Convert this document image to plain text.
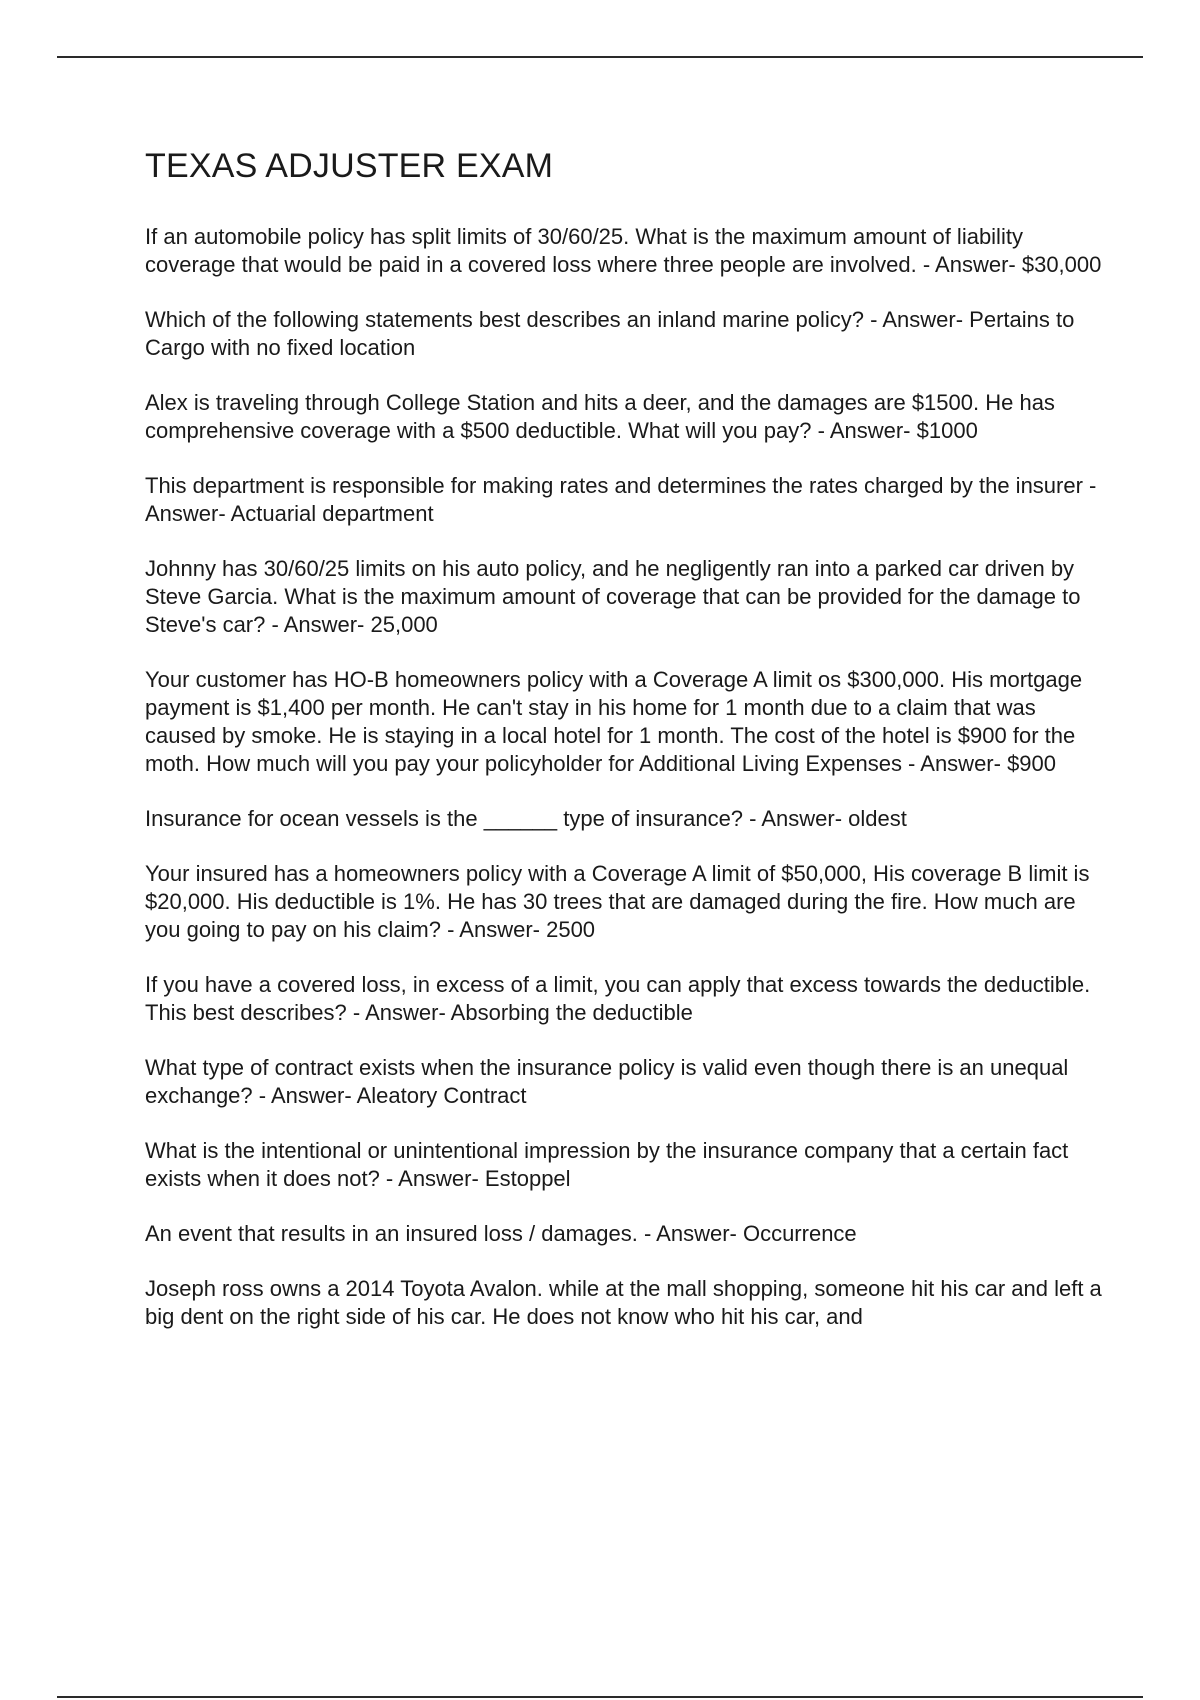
TEXAS ADJUSTER EXAM

If an automobile policy has split limits of 30/60/25. What is the maximum amount of liability coverage that would be paid in a covered loss where three people are involved. - Answer- $30,000

Which of the following statements best describes an inland marine policy? - Answer- Pertains to Cargo with no fixed location

Alex is traveling through College Station and hits a deer, and the damages are $1500. He has comprehensive coverage with a $500 deductible. What will you pay? - Answer- $1000

This department is responsible for making rates and determines the rates charged by the insurer - Answer- Actuarial department

Johnny has 30/60/25 limits on his auto policy, and he negligently ran into a parked car driven by Steve Garcia. What is the maximum amount of coverage that can be provided for the damage to Steve's car? - Answer- 25,000

Your customer has HO-B homeowners policy with a Coverage A limit os $300,000. His mortgage payment is $1,400 per month. He can't stay in his home for 1 month due to a claim that was caused by smoke. He is staying in a local hotel for 1 month. The cost of the hotel is $900 for the moth. How much will you pay your policyholder for Additional Living Expenses - Answer- $900

Insurance for ocean vessels is the ______ type of insurance? - Answer- oldest

Your insured has a homeowners policy with a Coverage A limit of $50,000, His coverage B limit is $20,000. His deductible is 1%. He has 30 trees that are damaged during the fire. How much are you going to pay on his claim? - Answer- 2500

If you have a covered loss, in excess of a limit, you can apply that excess towards the deductible. This best describes? - Answer- Absorbing the deductible

What type of contract exists when the insurance policy is valid even though there is an unequal exchange? - Answer- Aleatory Contract

What is the intentional or unintentional impression by the insurance company that a certain fact exists when it does not? - Answer- Estoppel

An event that results in an insured loss / damages. - Answer- Occurrence

Joseph ross owns a 2014 Toyota Avalon. while at the mall shopping, someone hit his car and left a big dent on the right side of his car. He does not know who hit his car, and
